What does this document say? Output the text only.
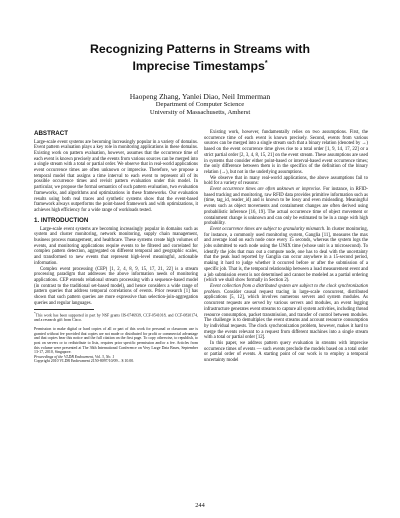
Recognizing Patterns in Streams with
Imprecise Timestamps*
Haopeng Zhang, Yanlei Diao, Neil Immerman
Department of Computer Science
University of Massachusetts, Amherst
ABSTRACT

Large-scale event systems are becoming increasingly popular in a variety of domains. Event pattern evaluation plays a key role in monitoring applications in these domains. Existing work on pattern evaluation, however, assumes that the occurrence time of each event is known precisely and the events from various sources can be merged into a single stream with a total or partial order. We observe that in real-world applications event occurrence times are often unknown or imprecise. Therefore, we propose a temporal model that assigns a time interval to each event to represent all of its possible occurrence times and revisit pattern evaluation under this model. In particular, we propose the formal semantics of such pattern evaluation, two evaluation frameworks, and algorithms and optimizations in these frameworks. Our evaluation results using both real traces and synthetic systems show that the event-based framework always outperforms the point-based framework and with optimizations, it achieves high efficiency for a wide range of workloads tested.

1. INTRODUCTION

Large-scale event systems are becoming increasingly popular in domains such as system and cluster monitoring, network monitoring, supply chain management, business process management, and healthcare. These systems create high volumes of events, and monitoring applications require events to be filtered and correlated for complex pattern detection, aggregated on different temporal and geographic scales, and transformed to new events that represent high-level meaningful, actionable information.

Complex event processing (CEP) [1, 2, 4, 8, 9, 15, 17, 21, 22] is a stream processing paradigm that addresses the above information needs of monitoring applications. CEP extends relational stream processing with a sequence-based model (in contrast to the traditional set-based model), and hence considers a wide range of pattern queries that address temporal correlations of events. Prior research [1] has shown that such pattern queries are more expressive than selection-join-aggregation queries and regular languages.

*This work has been supported in part by NSF grants IIS-0746939, CCF-0541018, and CCF-0830174, and a research gift from Cisco.

Permission to make digital or hard copies of all or part of this work for personal or classroom use is granted without fee provided that copies are not made or distributed for profit or commercial advantage and that copies bear this notice and the full citation on the first page. To copy otherwise, to republish, to post on servers or to redistribute to lists, requires prior specific permission and/or a fee. Articles from this volume were presented at The 36th International Conference on Very Large Data Bases, September 13-17, 2010, Singapore.

Proceedings of the VLDB Endowment, Vol. 3, No. 1

Copyright 2010 VLDB Endowment 2150-8097/10/09... $ 10.00.

Existing work, however, fundamentally relies on two assumptions. First, the occurrence time of each event is known precisely. Second, events from various sources can be merged into a single stream such that a binary relation (denoted by →) based on the event occurrence time gives rise to a total order [1, 9, 14, 17, 22] or a strict partial order [2, 3, 4, 8, 15, 21] on the event stream. These assumptions are used in systems that consider either point-based or interval-based event occurrence times; the only difference between them is in the specifics of the definition of the binary relation (→), but not in the underlying assumptions.

We observe that in many real-world applications, the above assumptions fail to hold for a variety of reasons:

Event occurrence times are often unknown or imprecise. For instance, in RFID-based tracking and monitoring, raw RFID data provides primitive information such as (time, tag_id, reader_id) and is known to be lossy and even misleading. Meaningful events such as object movements and containment changes are often derived using probabilistic inference [16, 19]. The actual occurrence time of object movement or containment change is unknown and can only be estimated to be in a range with high probability.

Event occurrence times are subject to granularity mismatch. In cluster monitoring, for instance, a commonly used monitoring system, Ganglia [11], measures the max and average load on each node once every 15 seconds, whereas the system logs the jobs submitted to each node using the UNIX time (whose unit is a microsecond). To identify the jobs that max out a compute node, one has to deal with the uncertainty that the peak load reported by Ganglia can occur anywhere in a 15-second period, making it hard to judge whether it occurred before or after the submission of a specific job. That is, the temporal relationship between a load measurement event and a job submission event is not determined and cannot be modeled as a partial ordering (which we shall show formally in Section 2).

Event collection from a distributed system are subject to the clock synchronization problem. Consider causal request tracing in large-scale concurrent, distributed applications [5, 12], which involves numerous servers and system modules. As concurrent requests are served by various servers and modules, an event logging infrastructure generates event streams to capture all system activities, including thread resource consumption, packet transmission, and transfer of control between modules. The challenge is to demultiplex the event streams and account resource consumption by individual requests. The clock synchronization problem, however, makes it hard to merge the events relevant to a request from different machines into a single stream with a total or partial order [12].

In this paper, we address pattern query evaluation in streams with imprecise occurrence times of events — such events preclude the models based on a total order or partial order of events. A starting point of our work is to employ a temporal uncertainty model

244
